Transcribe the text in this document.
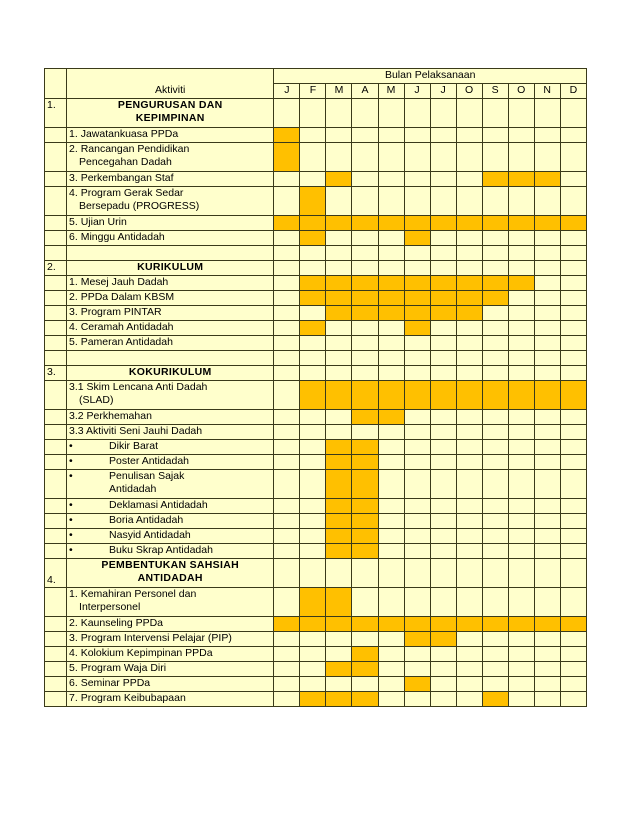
	Aktiviti	Bulan Pelaksanaan											
		J	F	M	A	M	J	J	O	S	O	N	D
1.	PENGURUSAN DAN
KEPIMPINAN												

	1. Jawatankuasa PPDa												

	2. Rancangan Pendidikan
Pencegahan Dadah												

	3. Perkembangan Staf												

	4. Program Gerak Sedar
Bersepadu (PROGRESS)												

	5. Ujian Urin												

	6. Minggu Antidadah												

2.	KURIKULUM												

	1. Mesej Jauh Dadah												

	2. PPDa Dalam KBSM												

	3. Program PINTAR												

	4. Ceramah Antidadah												

	5. Pameran Antidadah												

3.	KOKURIKULUM												

	3.1 Skim Lencana Anti Dadah
(SLAD)												

	3.2 Perkhemahan												

	3.3 Aktiviti Seni Jauhi Dadah												

	• Dikir Barat												
	• Poster Antidadah												
	• Penulisan Sajak
Antidadah												

	• Deklamasi Antidadah												
	• Boria Antidadah												
	• Nasyid Antidadah												
	• Buku Skrap Antidadah												
4.	PEMBENTUKAN SAHSIAH
ANTIDADAH												

	1. Kemahiran Personel dan
Interpersonel												

	2. Kaunseling PPDa												

	3. Program Intervensi Pelajar (PIP)												

	4. Kolokium Kepimpinan PPDa												

	5. Program Waja Diri												

	6. Seminar PPDa												

	7. Program Keibubapaan												
